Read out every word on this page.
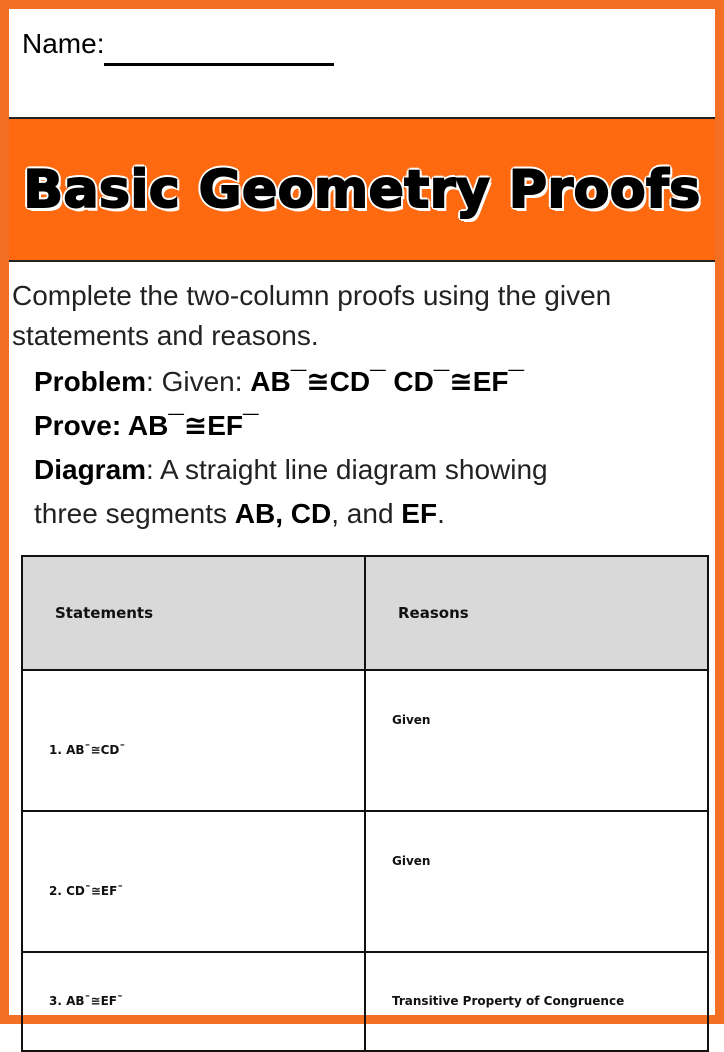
Name:
Basic Geometry Proofs
Complete the two-column proofs using the given statements and reasons.
Problem: Given: AB¯≅CD¯ CD¯≅EF¯
Prove: AB¯≅EF¯
Diagram: A straight line diagram showing
three segments AB, CD, and EF.
Statements	Reasons
1. AB¯≅CD¯	Given
2. CD¯≅EF¯	Given
3. AB¯≅EF¯	Transitive Property of Congruence
